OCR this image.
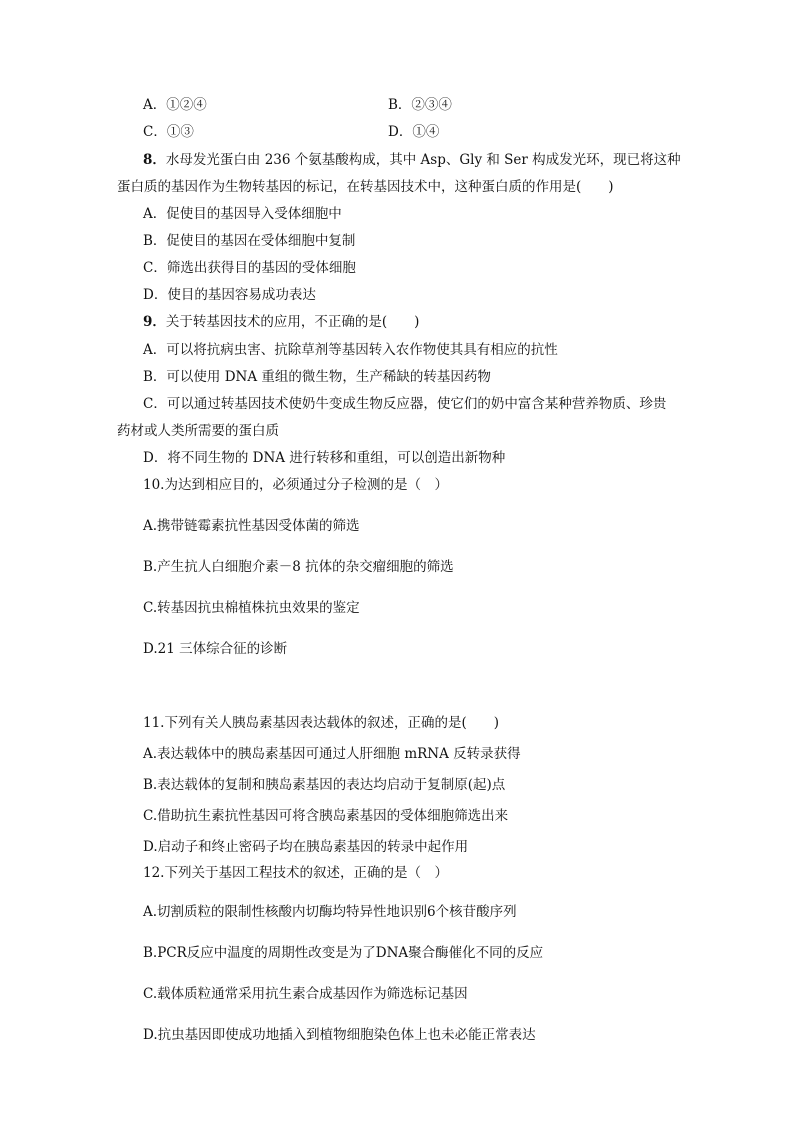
A．①②④	B．②③④
C．①③	D．①④
8．水母发光蛋白由 236 个氨基酸构成，其中 Asp、Gly 和 Ser 构成发光环，现已将这种
蛋白质的基因作为生物转基因的标记，在转基因技术中，这种蛋白质的作用是(　　)
A．促使目的基因导入受体细胞中
B．促使目的基因在受体细胞中复制
C．筛选出获得目的基因的受体细胞
D．使目的基因容易成功表达
9．关于转基因技术的应用，不正确的是(　　)
A．可以将抗病虫害、抗除草剂等基因转入农作物使其具有相应的抗性
B．可以使用 DNA 重组的微生物，生产稀缺的转基因药物
C．可以通过转基因技术使奶牛变成生物反应器，使它们的奶中富含某种营养物质、珍贵
药材或人类所需要的蛋白质
D．将不同生物的 DNA 进行转移和重组，可以创造出新物种
10.为达到相应目的，必须通过分子检测的是（　）
A.携带链霉素抗性基因受体菌的筛选
B.产生抗人白细胞介素－8 抗体的杂交瘤细胞的筛选
C.转基因抗虫棉植株抗虫效果的鉴定
D.21 三体综合征的诊断
11.下列有关人胰岛素基因表达载体的叙述，正确的是(　　)
A.表达载体中的胰岛素基因可通过人肝细胞 mRNA 反转录获得
B.表达载体的复制和胰岛素基因的表达均启动于复制原(起)点
C.借助抗生素抗性基因可将含胰岛素基因的受体细胞筛选出来
D.启动子和终止密码子均在胰岛素基因的转录中起作用
12.下列关于基因工程技术的叙述，正确的是（　）
A.切割质粒的限制性核酸内切酶均特异性地识别6个核苷酸序列
B.PCR反应中温度的周期性改变是为了DNA聚合酶催化不同的反应
C.载体质粒通常采用抗生素合成基因作为筛选标记基因
D.抗虫基因即使成功地插入到植物细胞染色体上也未必能正常表达
